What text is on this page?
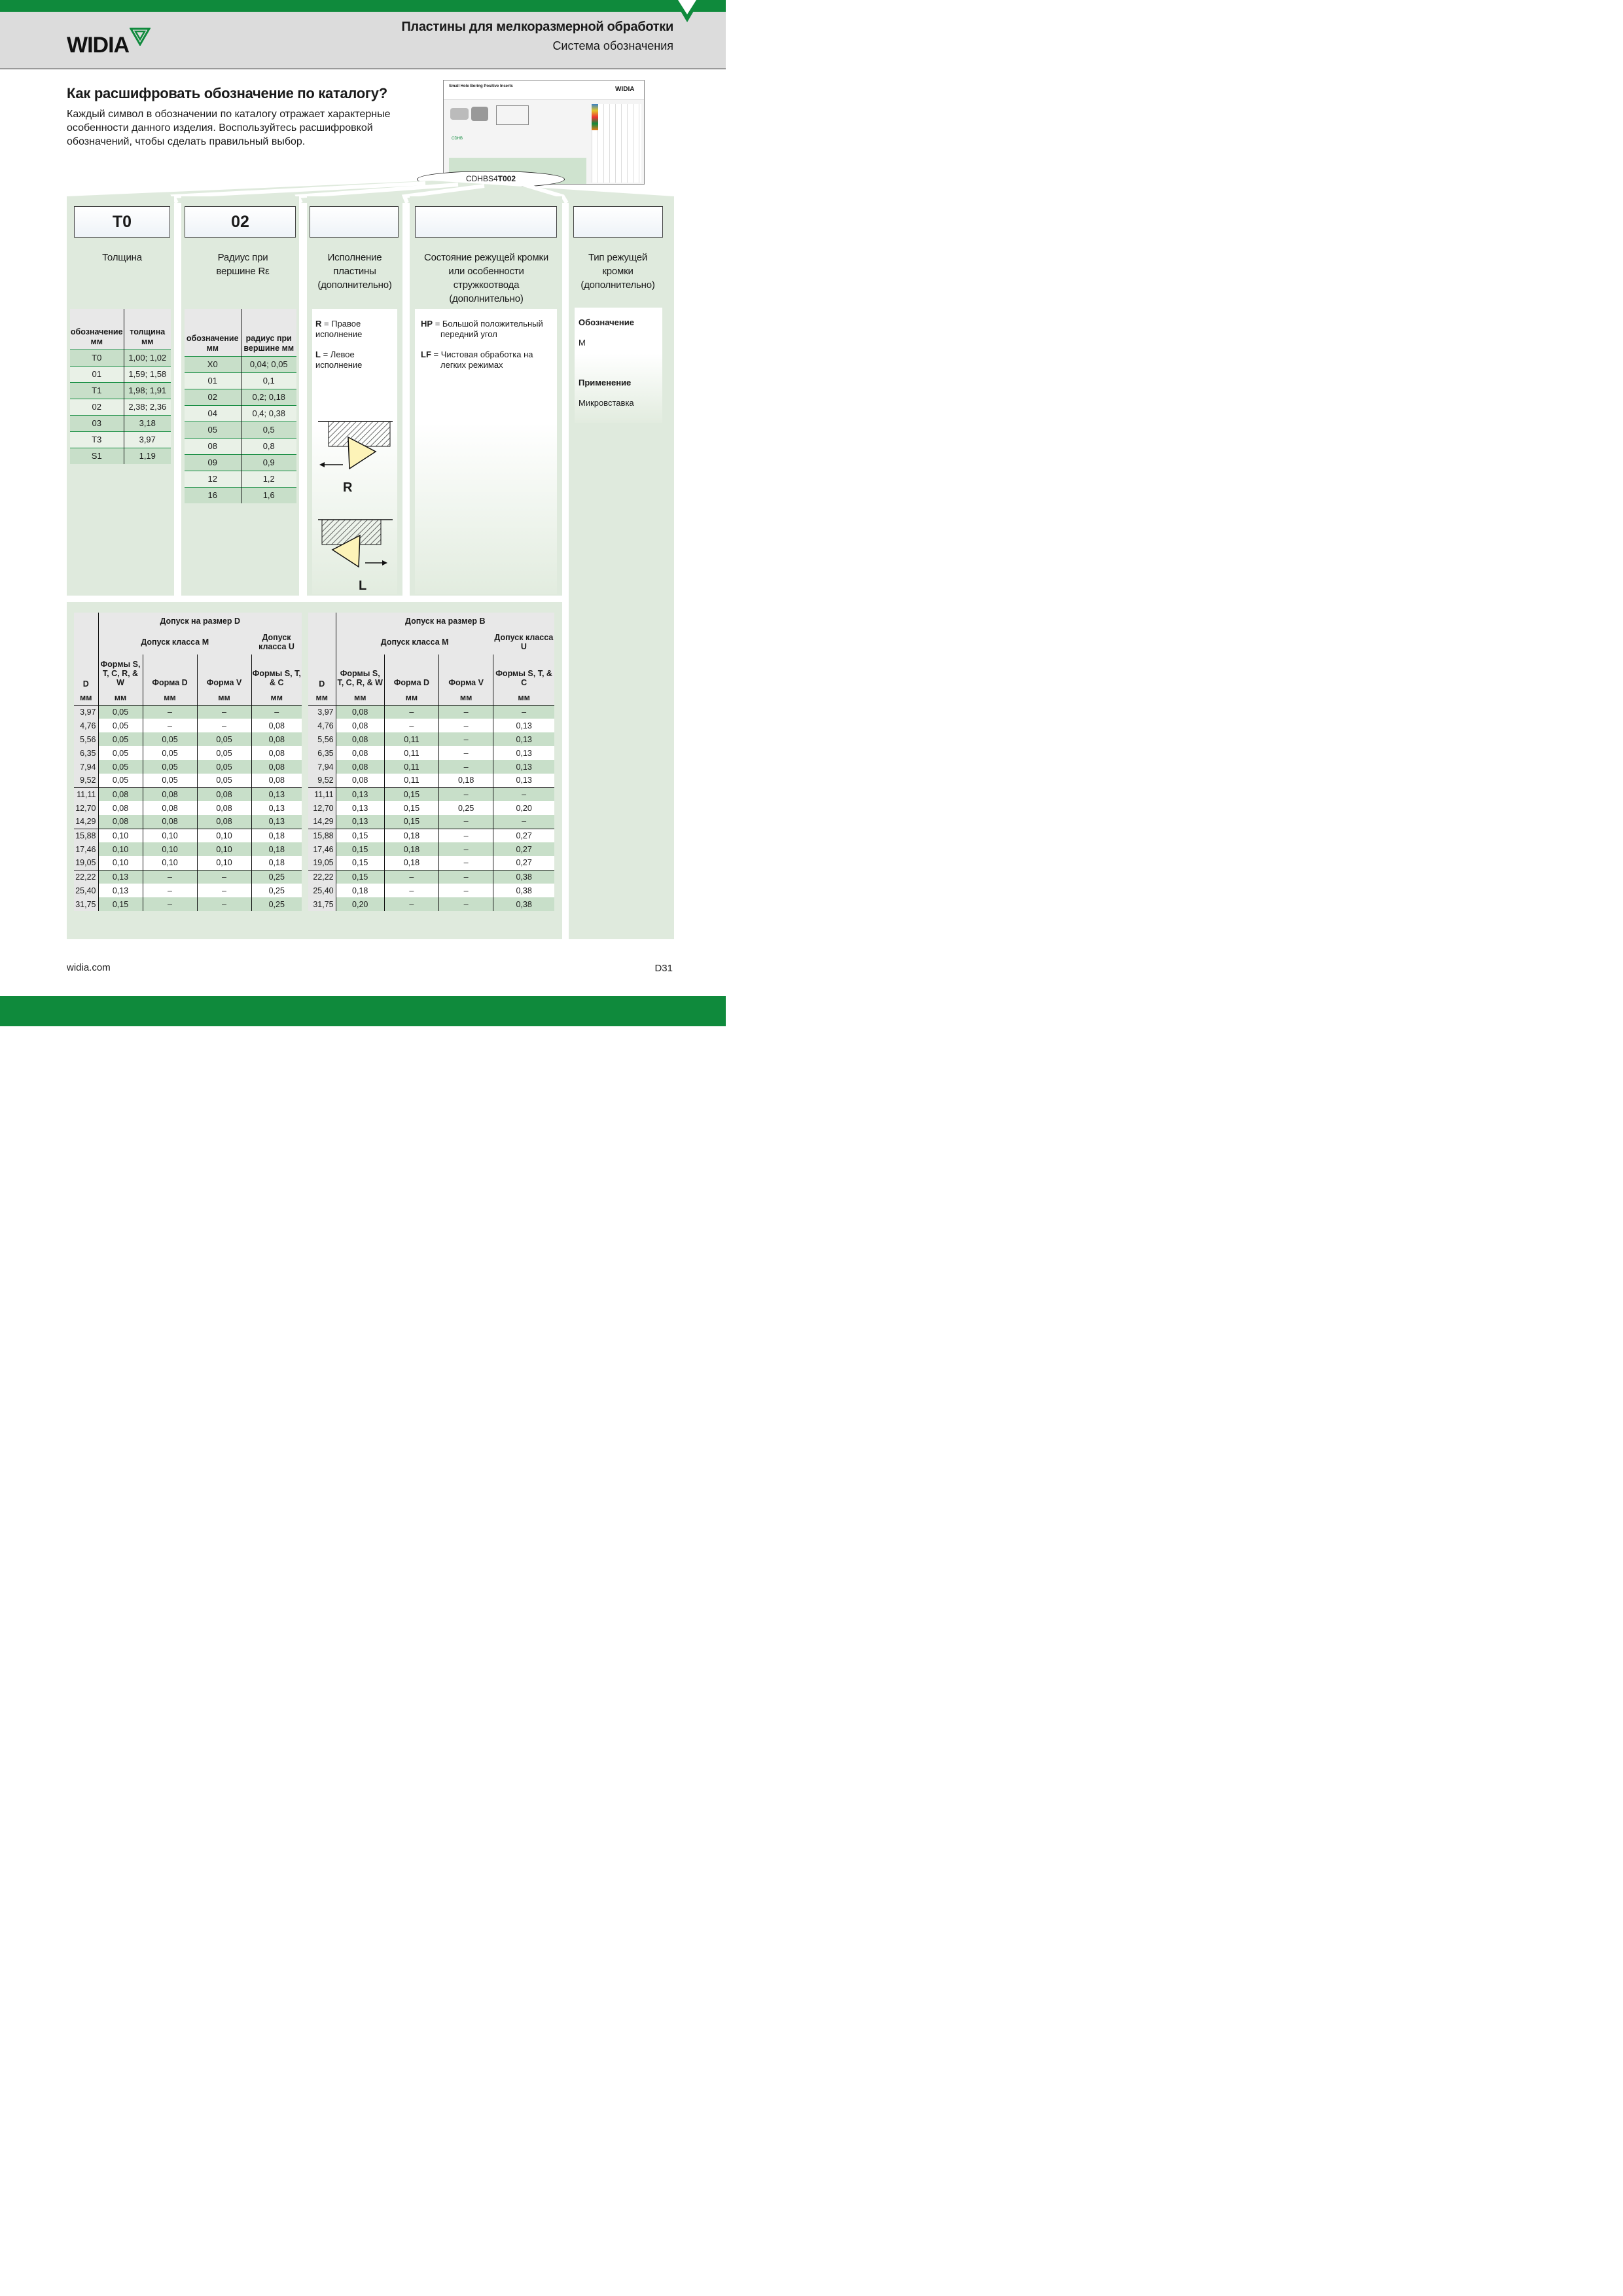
WIDIA
Пластины для мелкоразмерной обработки
Система обозначения
Как расшифровать обозначение по каталогу?
Каждый символ в обозначении по каталогу отражает характерные особенности данного изделия. Воспользуйтесь расшифровкой обозначений, чтобы сделать правильный выбор.
Small Hole Boring Positive Inserts	WIDIA
CDHB
CDHBS4T002
T0	02
Толщина	Радиус при вершине Rε
Исполнение пластины (дополнительно)
Состояние режущей кромки или особенности стружкоотвода (дополнительно)
Тип режущей кромки (дополнительно)
обозначение мм	толщина мм
T0	1,00; 1,02
01	1,59; 1,58
T1	1,98; 1,91
02	2,38; 2,36
03	3,18
T3	3,97
S1	1,19
обозначение мм	радиус при вершине мм
X0	0,04; 0,05
01	0,1
02	0,2; 0,18
04	0,4; 0,38
05	0,5
08	0,8
09	0,9
12	1,2
16	1,6
R = Правое исполнение
L = Левое исполнение
R
L
HP = Большой положительный передний угол
LF = Чистовая обработка на легких режимах
Обозначение
M
Применение
Микровставка
D	Допуск на размер D			
	Допуск класса M			Допуск класса U
	Формы S, T, C, R, & W	Форма D	Форма V	Формы S, T, & C
мм	мм	мм	мм	мм
3,97	0,05	–	–	–
4,76	0,05	–	–	0,08
5,56	0,05	0,05	0,05	0,08
6,35	0,05	0,05	0,05	0,08
7,94	0,05	0,05	0,05	0,08
9,52	0,05	0,05	0,05	0,08
11,11	0,08	0,08	0,08	0,13
12,70	0,08	0,08	0,08	0,13
14,29	0,08	0,08	0,08	0,13
15,88	0,10	0,10	0,10	0,18
17,46	0,10	0,10	0,10	0,18
19,05	0,10	0,10	0,10	0,18
22,22	0,13	–	–	0,25
25,40	0,13	–	–	0,25
31,75	0,15	–	–	0,25
D	Допуск на размер B			
	Допуск класса M			Допуск класса U
	Формы S, T, C, R, & W	Форма D	Форма V	Формы S, T, & C
мм	мм	мм	мм	мм
3,97	0,08	–	–	–
4,76	0,08	–	–	0,13
5,56	0,08	0,11	–	0,13
6,35	0,08	0,11	–	0,13
7,94	0,08	0,11	–	0,13
9,52	0,08	0,11	0,18	0,13
11,11	0,13	0,15	–	–
12,70	0,13	0,15	0,25	0,20
14,29	0,13	0,15	–	–
15,88	0,15	0,18	–	0,27
17,46	0,15	0,18	–	0,27
19,05	0,15	0,18	–	0,27
22,22	0,15	–	–	0,38
25,40	0,18	–	–	0,38
31,75	0,20	–	–	0,38
widia.com	D31
